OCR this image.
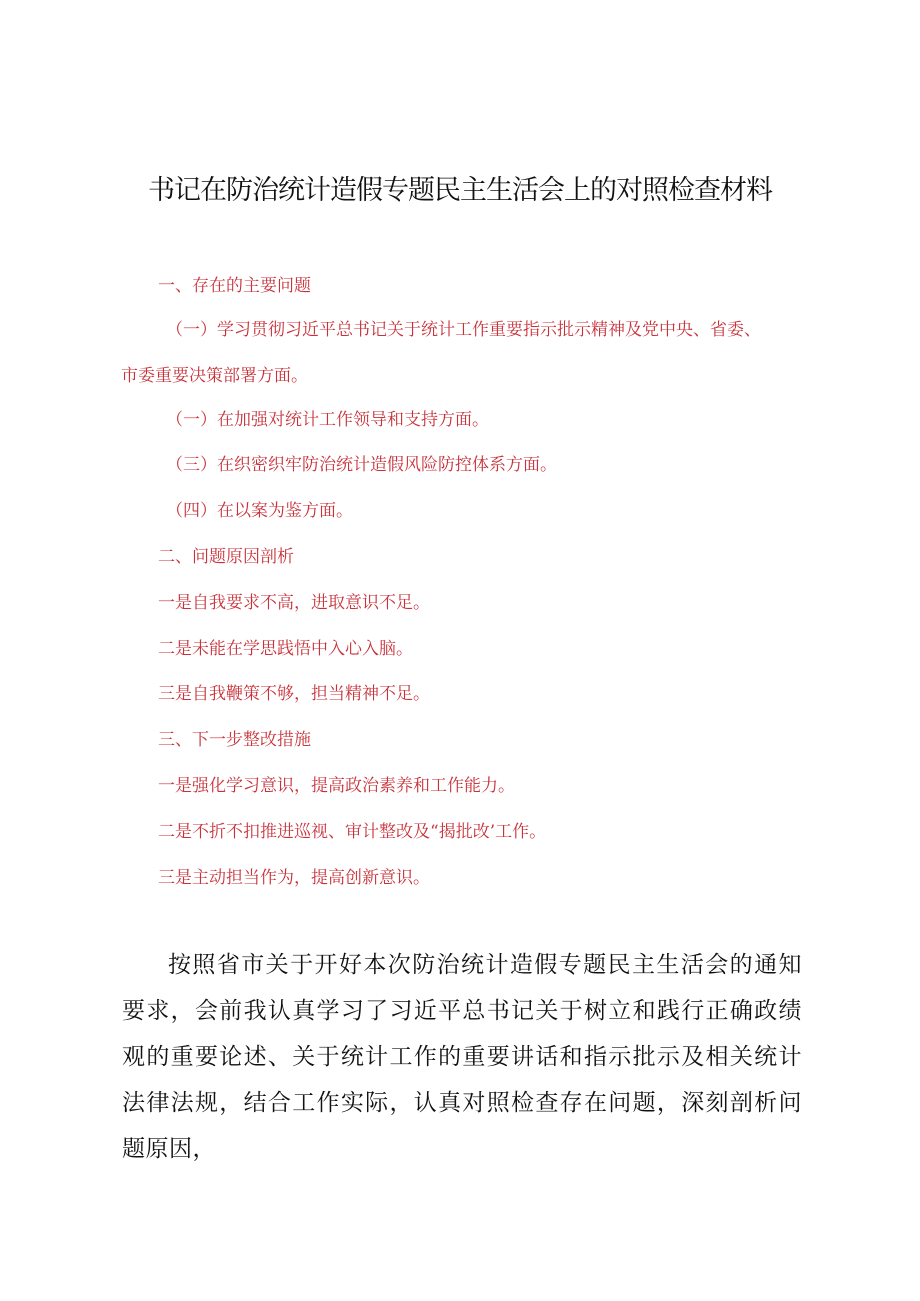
书记在防治统计造假专题民主生活会上的对照检查材料
一、存在的主要问题
（一）学习贯彻习近平总书记关于统计工作重要指示批示精神及党中央、省委、
市委重要决策部署方面。
（一）在加强对统计工作领导和支持方面。
（三）在织密织牢防治统计造假风险防控体系方面。
（四）在以案为鉴方面。
二、问题原因剖析
一是自我要求不高，进取意识不足。
二是未能在学思践悟中入心入脑。
三是自我鞭策不够，担当精神不足。
三、下一步整改措施
一是强化学习意识，提高政治素养和工作能力。
二是不折不扣推进巡视、审计整改及“揭批改’工作。
三是主动担当作为，提高创新意识。

按照省市关于开好本次防治统计造假专题民主生活会的通知要求，会前我认真学习了习近平总书记关于树立和践行正确政绩观的重要论述、关于统计工作的重要讲话和指示批示及相关统计法律法规，结合工作实际，认真对照检查存在问题，深刻剖析问题原因，
